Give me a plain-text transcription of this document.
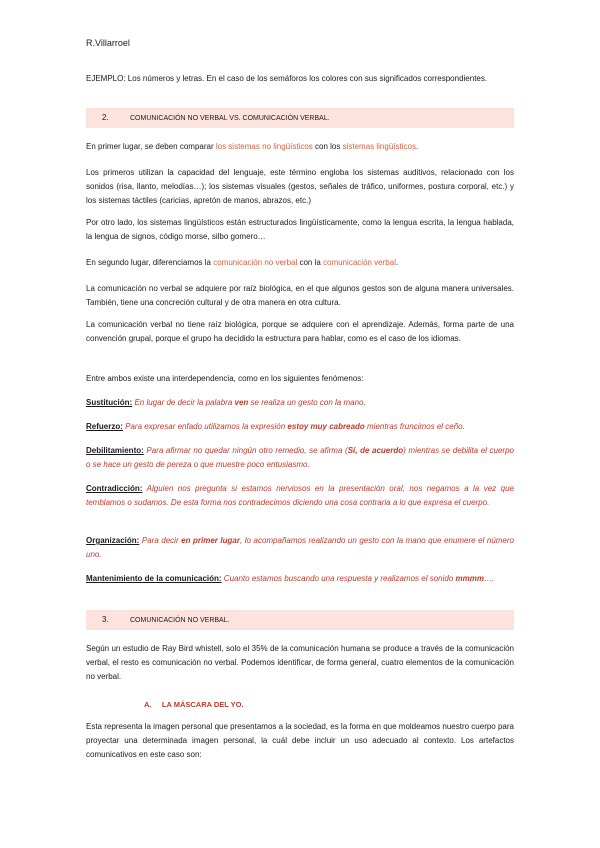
R.Villarroel
EJEMPLO: Los números y letras. En el caso de los semáforos los colores con sus significados correspondientes.
2.	COMUNICACIÓN NO VERBAL VS. COMUNICACIÓN VERBAL.
En primer lugar, se deben comparar los sistemas no lingüísticos con los sistemas lingüísticos.
Los primeros utilizan la capacidad del lenguaje, este término engloba los sistemas auditivos, relacionado con los sonidos (risa, llanto, melodías…); los sistemas visuales (gestos, señales de tráfico, uniformes, postura corporal, etc.) y los sistemas táctiles (caricias, apretón de manos, abrazos, etc.)
Por otro lado, los sistemas lingüísticos están estructurados lingüísticamente, como la lengua escrita, la lengua hablada, la lengua de signos, código morse, silbo gomero…
En segundo lugar, diferenciamos la comunicación no verbal con la comunicación verbal.
La comunicación no verbal se adquiere por raíz biológica, en el que algunos gestos son de alguna manera universales. También, tiene una concreción cultural y de otra manera en otra cultura.
La comunicación verbal no tiene raíz biológica, porque se adquiere con el aprendizaje. Además, forma parte de una convención grupal, porque el grupo ha decidido la estructura para hablar, como es el caso de los idiomas.
Entre ambos existe una interdependencia, como en los siguientes fenómenos:
Sustitución: En lugar de decir la palabra ven se realiza un gesto con la mano.
Refuerzo: Para expresar enfado utilizamos la expresión estoy muy cabreado mientras fruncimos el ceño.
Debilitamiento: Para afirmar no quedar ningún otro remedio, se afirma (Sí, de acuerdo) mientras se debilita el cuerpo o se hace un gesto de pereza o que muestre poco entusiasmo.
Contradicción: Alguien nos pregunta si estamos nerviosos en la presentación oral, nos negamos a la vez que temblamos o sudamos. De esta forma nos contradecimos diciendo una cosa contraria a lo que expresa el cuerpo.
Organización: Para decir en primer lugar, lo acompañamos realizando un gesto con la mano que enumere el número uno.
Mantenimiento de la comunicación: Cuanto estamos buscando una respuesta y realizamos el sonido mmmm….
3.	COMUNICACIÓN NO VERBAL.
Según un estudio de Ray Bird whistell, solo el 35% de la comunicación humana se produce a través de la comunicación verbal, el resto es comunicación no verbal. Podemos identificar, de forma general, cuatro elementos de la comunicación no verbal.
A. LA MÁSCARA DEL YO.
Esta representa la imagen personal que presentamos a la sociedad, es la forma en que moldeamos nuestro cuerpo para proyectar una determinada imagen personal, la cuál debe incluir un uso adecuado al contexto. Los artefactos comunicativos en este caso son:
